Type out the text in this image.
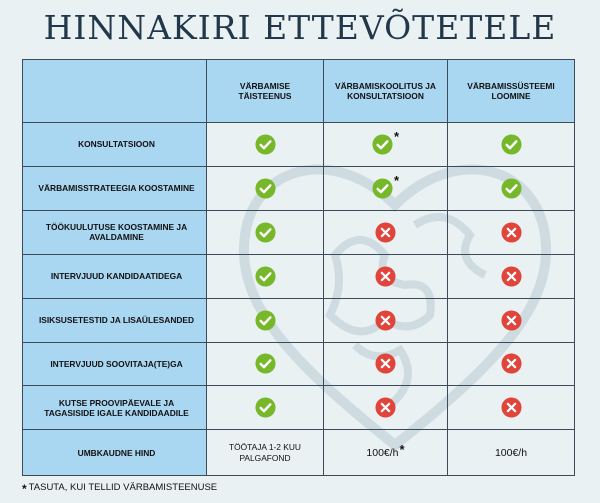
HINNAKIRI ETTEVÕTETELE
	VÄRBAMISE TÄISTEENUS	VÄRBAMISKOOLITUS JA KONSULTATSIOON	VÄRBAMISSÜSTEEMI LOOMINE
KONSULTATSIOON		*	

VÄRBAMISSTRATEEGIA KOOSTAMINE		*	

TÖÖKUULUTUSE KOOSTAMINE JA AVALDAMINE	

INTERVJUUD KANDIDAATIDEGA	

ISIKSUSETESTID JA LISAÜLESANDED	

INTERVJUUD SOOVITAJA(TE)GA	

KUTSE PROOVIPÄEVALE JA TAGASISIDE IGALE KANDIDAADILE	

UMBKAUDNE HIND	TÖÖTAJA 1-2 KUU PALGAFOND	100€/h*	100€/h
* TASUTA, KUI TELLID VÄRBAMISTEENUSE
